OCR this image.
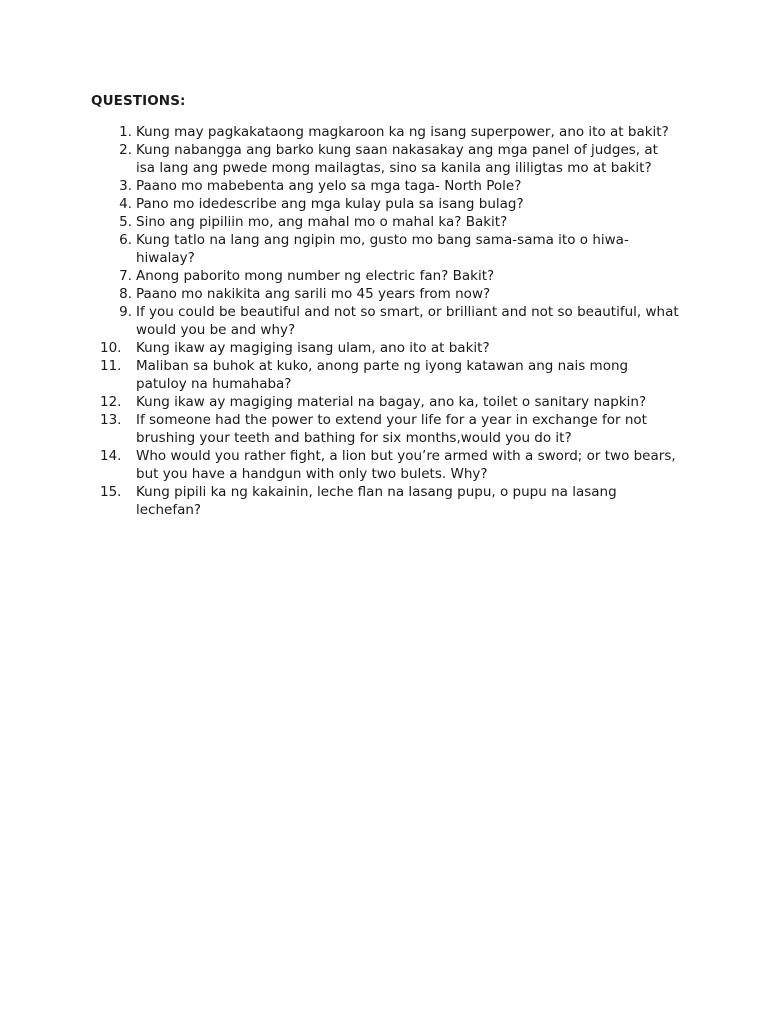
QUESTIONS:
1. Kung may pagkakataong magkaroon ka ng isang superpower, ano ito at bakit?
2. Kung nabangga ang barko kung saan nakasakay ang mga panel of judges, at isa lang ang pwede mong mailagtas, sino sa kanila ang ililigtas mo at bakit?
3. Paano mo mabebenta ang yelo sa mga taga- North Pole?
4. Pano mo idedescribe ang mga kulay pula sa isang bulag?
5. Sino ang pipiliin mo, ang mahal mo o mahal ka? Bakit?
6. Kung tatlo na lang ang ngipin mo, gusto mo bang sama-sama ito o hiwa-hiwalay?
7. Anong paborito mong number ng electric fan? Bakit?
8. Paano mo nakikita ang sarili mo 45 years from now?
9. If you could be beautiful and not so smart, or brilliant and not so beautiful, what would you be and why?
10.	Kung ikaw ay magiging isang ulam, ano ito at bakit?
11.	Maliban sa buhok at kuko, anong parte ng iyong katawan ang nais mong patuloy na humahaba?
12.	Kung ikaw ay magiging material na bagay, ano ka, toilet o sanitary napkin?
13.	If someone had the power to extend your life for a year in exchange for not brushing your teeth and bathing for six months,would you do it?
14.	Who would you rather fight, a lion but you’re armed with a sword; or two bears, but you have a handgun with only two bulets. Why?
15.	Kung pipili ka ng kakainin, leche flan na lasang pupu, o pupu na lasang lechefan?
